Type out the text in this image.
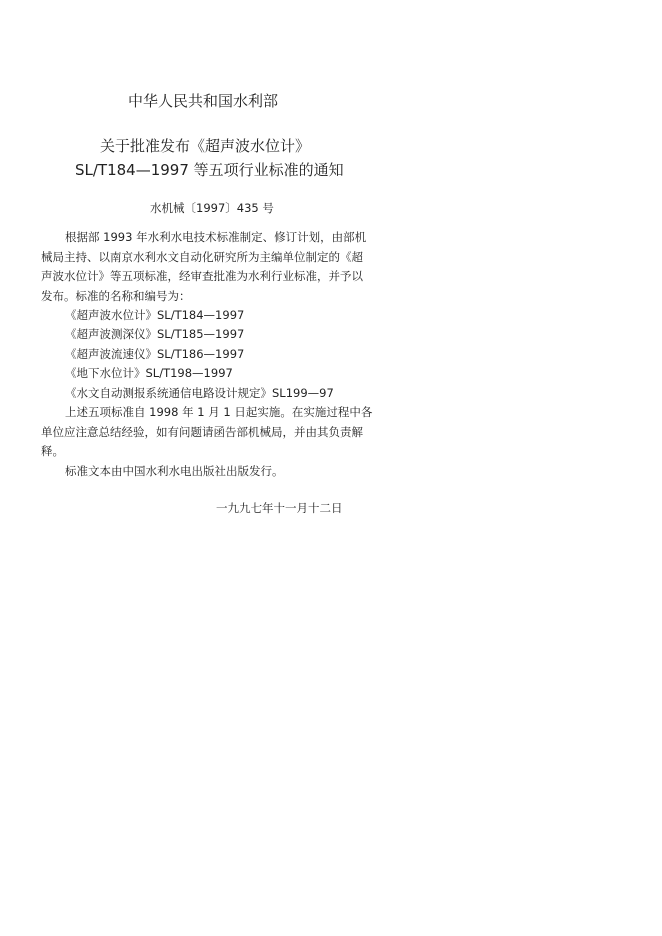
中华人民共和国水利部
关于批准发布《超声波水位计》
SL/T184—1997 等五项行业标准的通知
水机械〔1997〕435 号
根据部 1993 年水利水电技术标准制定、修订计划，由部机
械局主持、以南京水利水文自动化研究所为主编单位制定的《超
声波水位计》等五项标准，经审查批准为水利行业标准，并予以
发布。标准的名称和编号为：
《超声波水位计》SL/T184—1997
《超声波测深仪》SL/T185—1997
《超声波流速仪》SL/T186—1997
《地下水位计》SL/T198—1997
《水文自动测报系统通信电路设计规定》SL199—97
上述五项标准自 1998 年 1 月 1 日起实施。在实施过程中各
单位应注意总结经验，如有问题请函告部机械局，并由其负责解
释。
标准文本由中国水利水电出版社出版发行。
一九九七年十一月十二日
